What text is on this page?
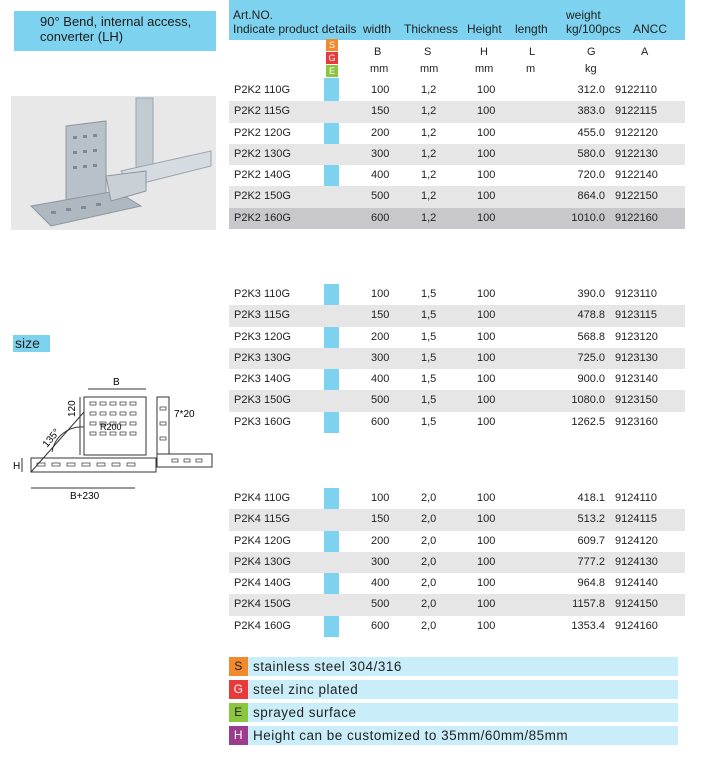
90° Bend, internal access, converter (LH)
size
B
120	7*20
135°
R200
H
B+230
Art.NO.
Indicate product details width Thickness Height length
weight
kg/100pcs ANCC
B	S	H	L	G	A
mm	mm	mm	m	kg
S
G
E
P2K2 110G	100	1,2	100	312.0 9122110
P2K2 115G	150	1,2	100	383.0 9122115
P2K2 120G	200	1,2	100	455.0 9122120
P2K2 130G	300	1,2	100	580.0 9122130
P2K2 140G	400	1,2	100	720.0 9122140
P2K2 150G	500	1,2	100	864.0 9122150
P2K2 160G	600	1,2	100	1010.0 9122160
P2K3 110G	100	1,5	100	390.0 9123110
P2K3 115G	150	1,5	100	478.8 9123115
P2K3 120G	200	1,5	100	568.8 9123120
P2K3 130G	300	1,5	100	725.0 9123130
P2K3 140G	400	1,5	100	900.0 9123140
P2K3 150G	500	1,5	100	1080.0 9123150
P2K3 160G	600	1,5	100	1262.5 9123160
P2K4 110G	100	2,0	100	418.1 9124110
P2K4 115G	150	2,0	100	513.2 9124115
P2K4 120G	200	2,0	100	609.7 9124120
P2K4 130G	300	2,0	100	777.2 9124130
P2K4 140G	400	2,0	100	964.8 9124140
P2K4 150G	500	2,0	100	1157.8 9124150
P2K4 160G	600	2,0	100	1353.4 9124160
S stainless steel 304/316
G steel zinc plated
E sprayed surface
H Height can be customized to 35mm/60mm/85mm
